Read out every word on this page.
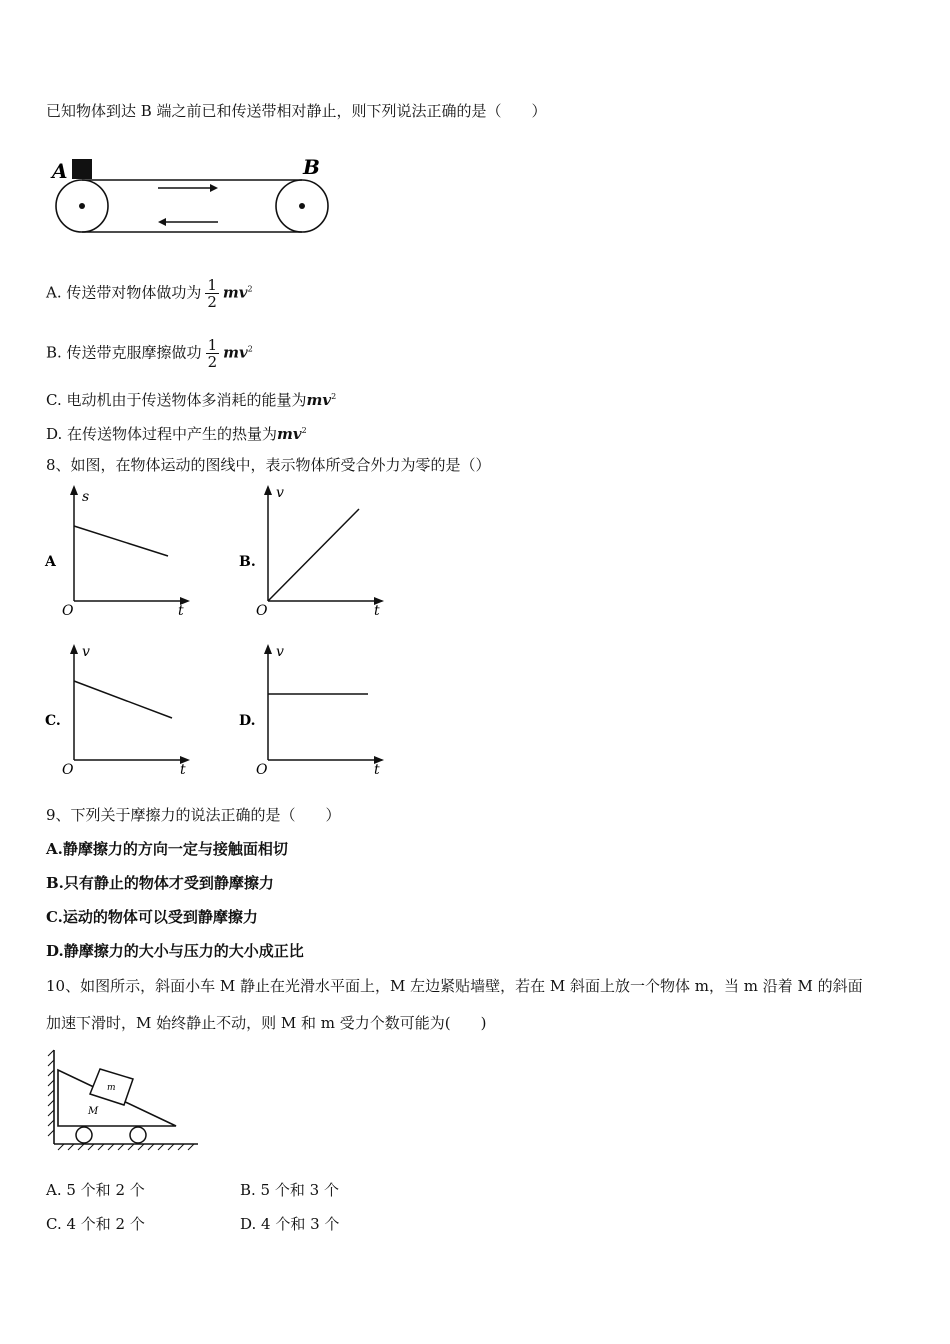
已知物体到达 B 端之前已和传送带相对静止，则下列说法正确的是（　　）
A	B
A. 传送带对物体做功为 $\frac{1}{2} mv^2$
B. 传送带克服摩擦做功 $\frac{1}{2} mv^2$
C. 电动机由于传送物体多消耗的能量为$mv^2$
D. 在传送物体过程中产生的热量为$mv^2$
8、如图，在物体运动的图线中，表示物体所受合外力为零的是（）
A
s
t
O
B.
v
t
O
C.
v
t
O
D.
v
t
O
9、下列关于摩擦力的说法正确的是（　　）
A.静摩擦力的方向一定与接触面相切
B.只有静止的物体才受到静摩擦力
C.运动的物体可以受到静摩擦力
D.静摩擦力的大小与压力的大小成正比
10、如图所示，斜面小车 M 静止在光滑水平面上，M 左边紧贴墙壁，若在 M 斜面上放一个物体 m，当 m 沿着 M 的斜面
加速下滑时，M 始终静止不动，则 M 和 m 受力个数可能为(　　)
m
M
A. 5 个和 2 个	B. 5 个和 3 个
C. 4 个和 2 个	D. 4 个和 3 个
